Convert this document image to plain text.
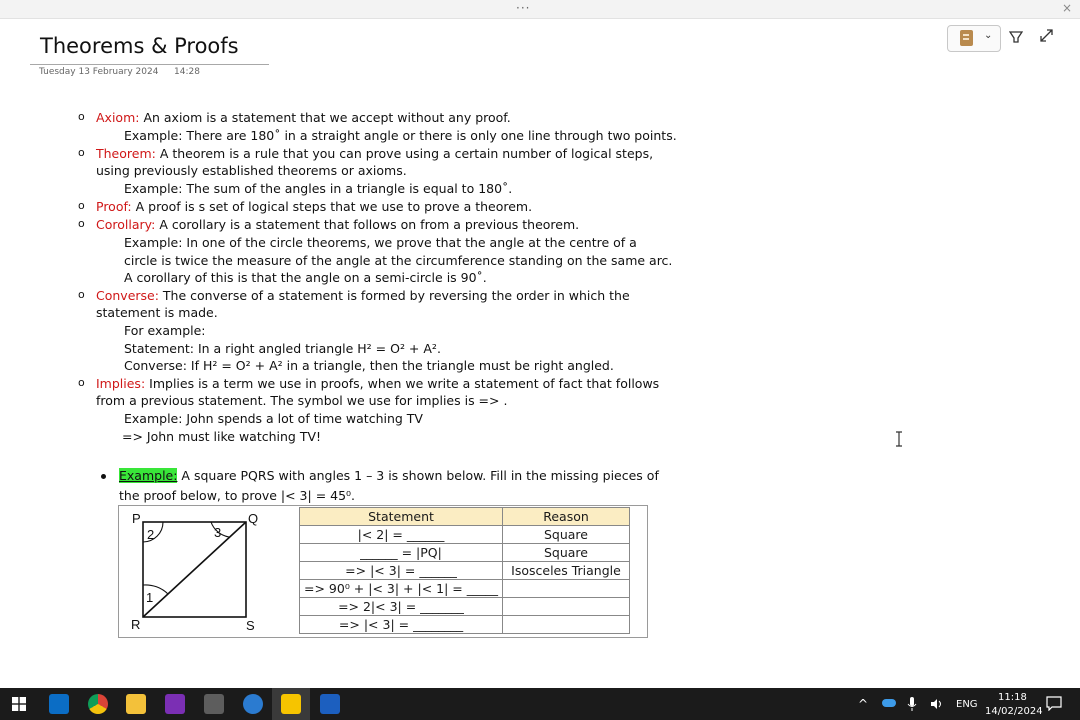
···	×
Theorems & Proofs
Tuesday 13 February 2024 14:28
⌄
o Axiom: An axiom is a statement that we accept without any proof.
Example: There are 180˚ in a straight angle or there is only one line through two points.
o Theorem: A theorem is a rule that you can prove using a certain number of logical steps,
using previously established theorems or axioms.
Example: The sum of the angles in a triangle is equal to 180˚.
o Proof: A proof is s set of logical steps that we use to prove a theorem.
o Corollary: A corollary is a statement that follows on from a previous theorem.
Example: In one of the circle theorems, we prove that the angle at the centre of a
circle is twice the measure of the angle at the circumference standing on the same arc.
A corollary of this is that the angle on a semi-circle is 90˚.
o Converse: The converse of a statement is formed by reversing the order in which the
statement is made.
For example:
Statement: In a right angled triangle H² = O² + A².
Converse: If H² = O² + A² in a triangle, then the triangle must be right angled.
o Implies: Implies is a term we use in proofs, when we write a statement of fact that follows
from a previous statement. The symbol we use for implies is => .
Example: John spends a lot of time watching TV
=> John must like watching TV!
Example: A square PQRS with angles 1 – 3 is shown below. Fill in the missing pieces of
the proof below, to prove |< 3| = 45⁰.
P	Q
R	S
2	3
1
Statement	Reason
|< 2| = ______	Square
______ = |PQ|	Square
=> |< 3| = ______	Isosceles Triangle
=> 90⁰ + |< 3| + |< 1| = _____	
=> 2|< 3| = _______	
=> |< 3| = ________	
^	ENG
11:18
14/02/2024
